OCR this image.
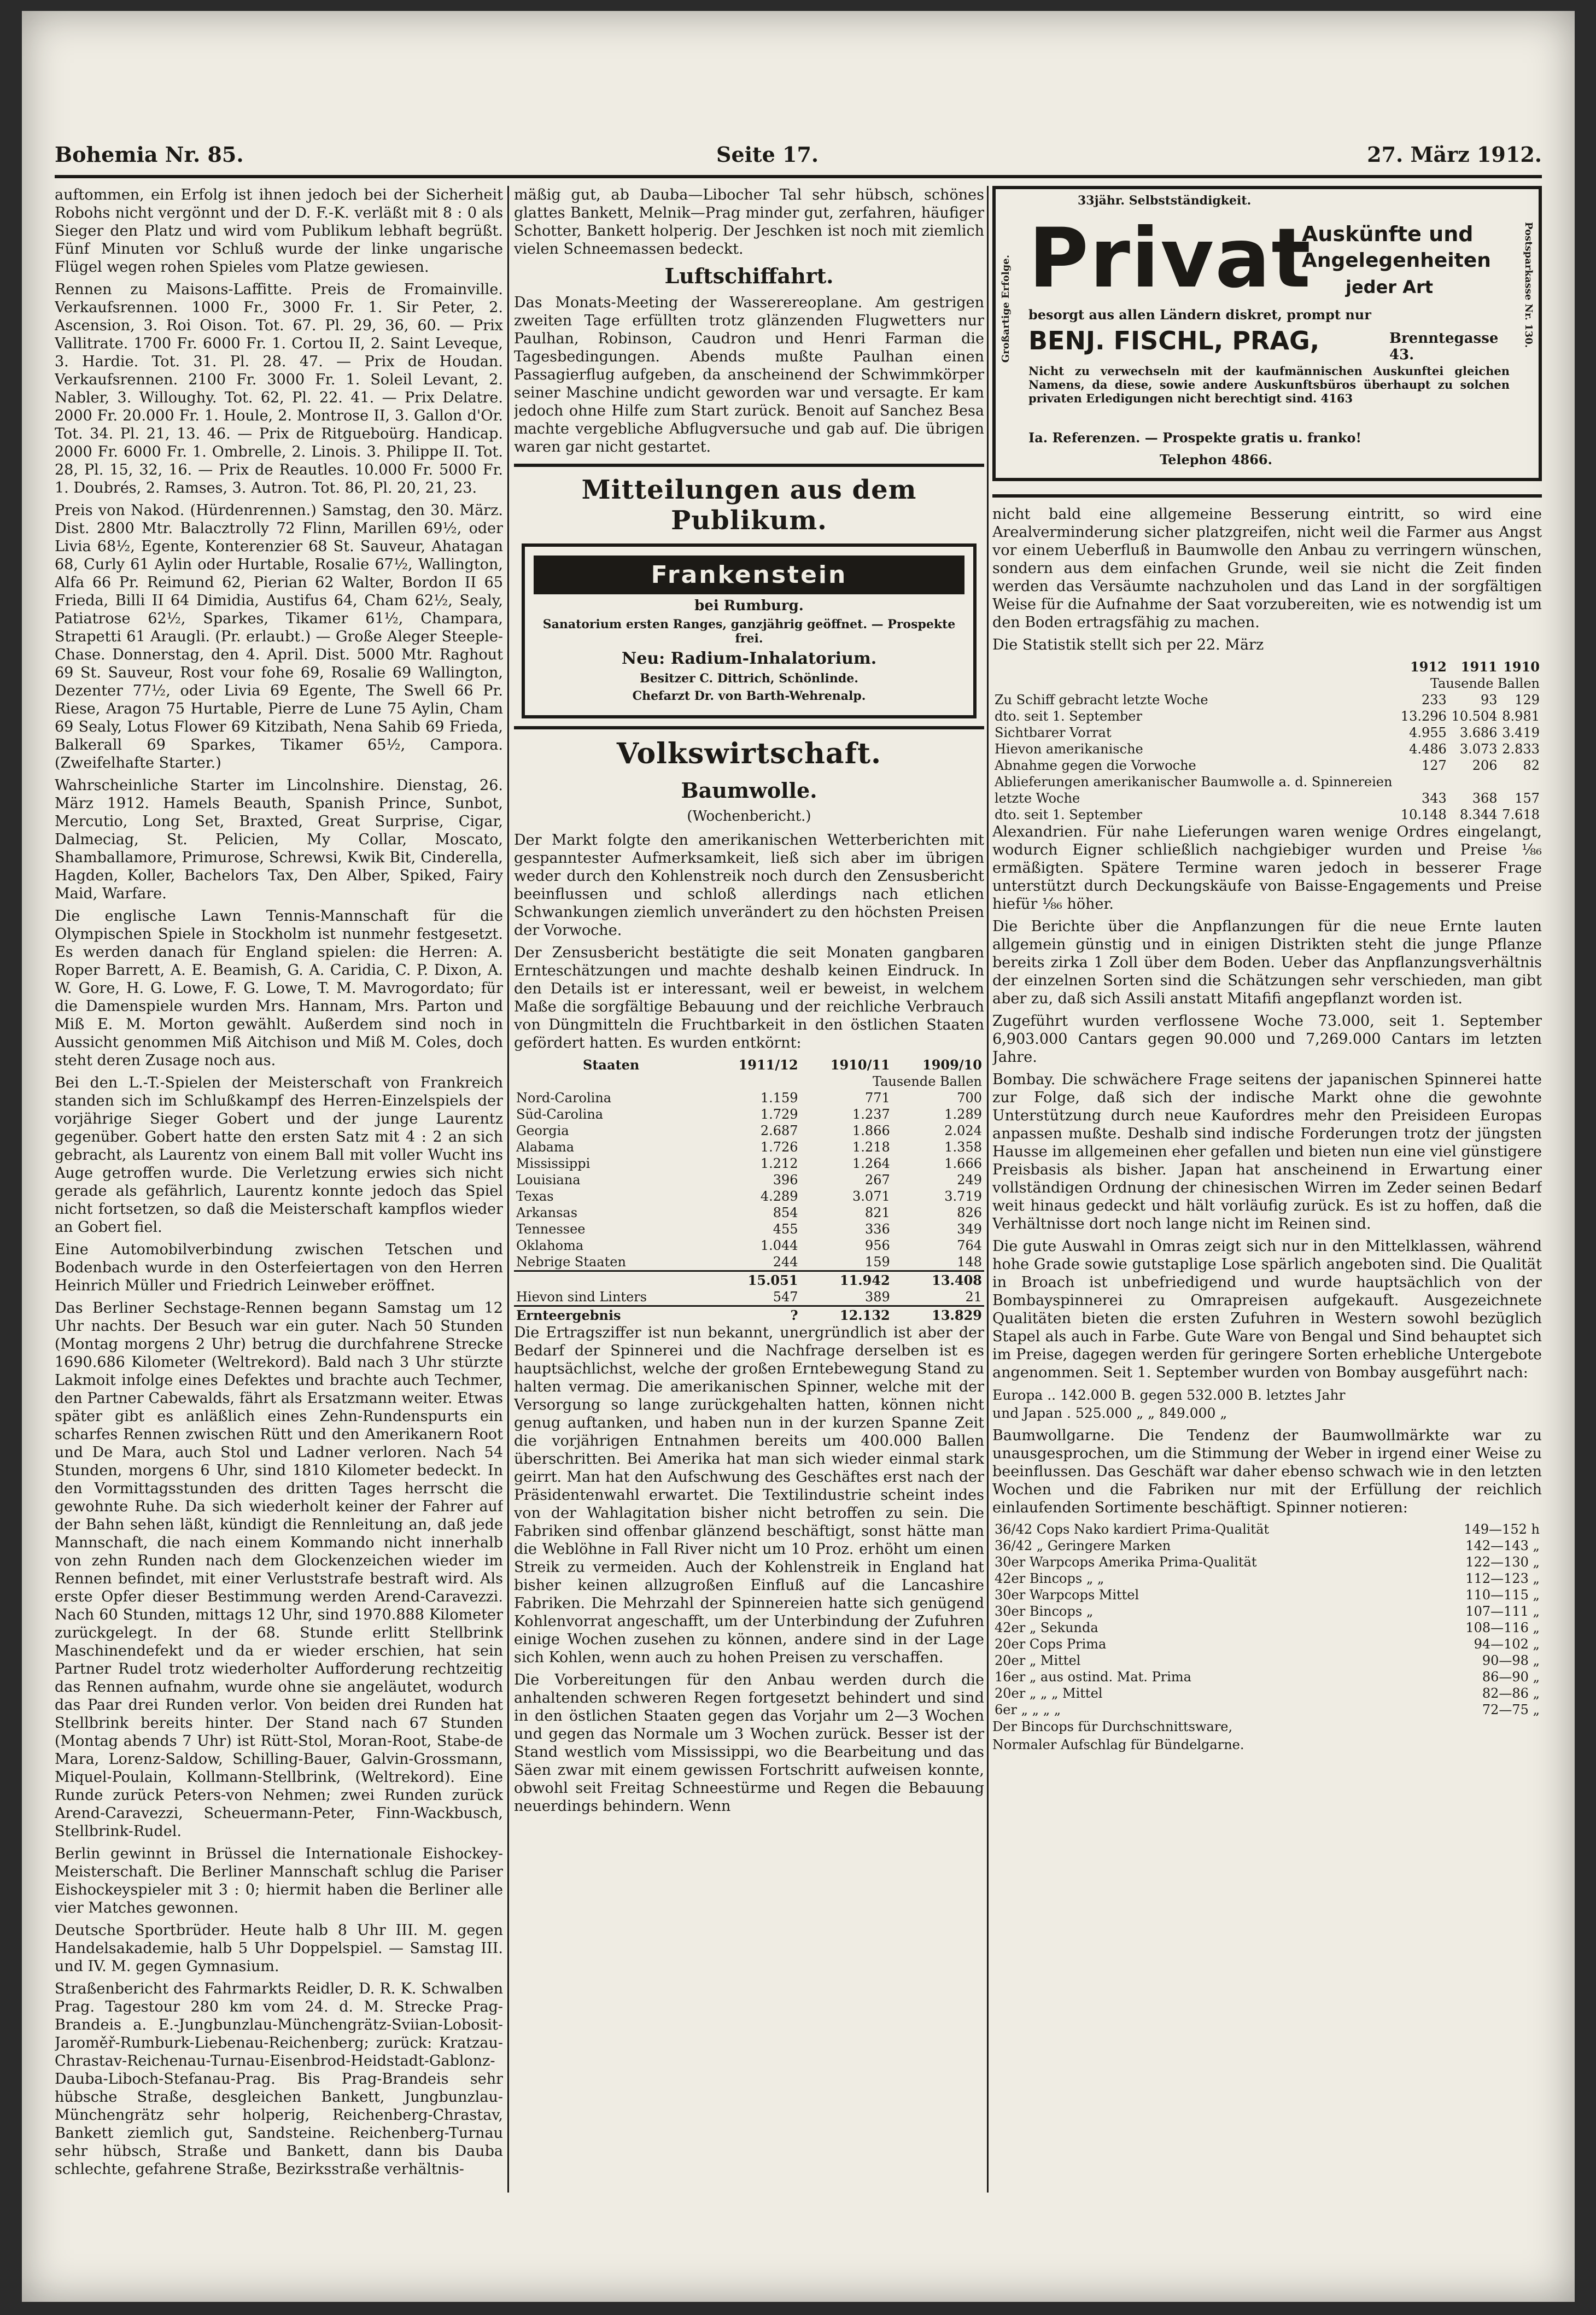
Bohemia Nr. 85.	Seite 17.	27. März 1912.

auftommen, ein Erfolg ist ihnen jedoch bei der Sicherheit Robohs nicht vergönnt und der D. F.-K. verläßt mit 8 : 0 als Sieger den Platz und wird vom Publikum lebhaft begrüßt. Fünf Minuten vor Schluß wurde der linke ungarische Flügel wegen rohen Spieles vom Platze gewiesen.

Rennen zu Maisons-Laffitte. Preis de Fromainville. Verkaufsrennen. 1000 Fr., 3000 Fr. 1. Sir Peter, 2. Ascension, 3. Roi Oison. Tot. 67. Pl. 29, 36, 60. — Prix Vallitrate. 1700 Fr. 6000 Fr. 1. Cortou II, 2. Saint Leveque, 3. Hardie. Tot. 31. Pl. 28. 47. — Prix de Houdan. Verkaufsrennen. 2100 Fr. 3000 Fr. 1. Soleil Levant, 2. Nabler, 3. Willoughy. Tot. 62, Pl. 22. 41. — Prix Delatre. 2000 Fr. 20.000 Fr. 1. Houle, 2. Montrose II, 3. Gallon d'Or. Tot. 34. Pl. 21, 13. 46. — Prix de Ritgueboürg. Handicap. 2000 Fr. 6000 Fr. 1. Ombrelle, 2. Linois. 3. Philippe II. Tot. 28, Pl. 15, 32, 16. — Prix de Reautles. 10.000 Fr. 5000 Fr. 1. Doubrés, 2. Ramses, 3. Autron. Tot. 86, Pl. 20, 21, 23.

Preis von Nakod. (Hürdenrennen.) Samstag, den 30. März. Dist. 2800 Mtr. Balacztrolly 72 Flinn, Marillen 69½, oder Livia 68½, Egente, Konterenzier 68 St. Sauveur, Ahatagan 68, Curly 61 Aylin oder Hurtable, Rosalie 67½, Wallington, Alfa 66 Pr. Reimund 62, Pierian 62 Walter, Bordon II 65 Frieda, Billi II 64 Dimidia, Austifus 64, Cham 62½, Sealy, Patiatrose 62½, Sparkes, Tikamer 61½, Champara, Strapetti 61 Araugli. (Pr. erlaubt.) — Große Aleger Steeple-Chase. Donnerstag, den 4. April. Dist. 5000 Mtr. Raghout 69 St. Sauveur, Rost vour fohe 69, Rosalie 69 Wallington, Dezenter 77½, oder Livia 69 Egente, The Swell 66 Pr. Riese, Aragon 75 Hurtable, Pierre de Lune 75 Aylin, Cham 69 Sealy, Lotus Flower 69 Kitzibath, Nena Sahib 69 Frieda, Balkerall 69 Sparkes, Tikamer 65½, Campora. (Zweifelhafte Starter.)

Wahrscheinliche Starter im Lincolnshire. Dienstag, 26. März 1912. Hamels Beauth, Spanish Prince, Sunbot, Mercutio, Long Set, Braxted, Great Surprise, Cigar, Dalmeciag, St. Pelicien, My Collar, Moscato, Shamballamore, Primurose, Schrewsi, Kwik Bit, Cinderella, Hagden, Koller, Bachelors Tax, Den Alber, Spiked, Fairy Maid, Warfare.

Die englische Lawn Tennis-Mannschaft für die Olympischen Spiele in Stockholm ist nunmehr festgesetzt. Es werden danach für England spielen: die Herren: A. Roper Barrett, A. E. Beamish, G. A. Caridia, C. P. Dixon, A. W. Gore, H. G. Lowe, F. G. Lowe, T. M. Mavrogordato; für die Damenspiele wurden Mrs. Hannam, Mrs. Parton und Miß E. M. Morton gewählt. Außerdem sind noch in Aussicht genommen Miß Aitchison und Miß M. Coles, doch steht deren Zusage noch aus.

Bei den L.-T.-Spielen der Meisterschaft von Frankreich standen sich im Schlußkampf des Herren-Einzelspiels der vorjährige Sieger Gobert und der junge Laurentz gegenüber. Gobert hatte den ersten Satz mit 4 : 2 an sich gebracht, als Laurentz von einem Ball mit voller Wucht ins Auge getroffen wurde. Die Verletzung erwies sich nicht gerade als gefährlich, Laurentz konnte jedoch das Spiel nicht fortsetzen, so daß die Meisterschaft kampflos wieder an Gobert fiel.

Eine Automobilverbindung zwischen Tetschen und Bodenbach wurde in den Osterfeiertagen von den Herren Heinrich Müller und Friedrich Leinweber eröffnet.

Das Berliner Sechstage-Rennen begann Samstag um 12 Uhr nachts. Der Besuch war ein guter. Nach 50 Stunden (Montag morgens 2 Uhr) betrug die durchfahrene Strecke 1690.686 Kilometer (Weltrekord). Bald nach 3 Uhr stürzte Lakmoit infolge eines Defektes und brachte auch Techmer, den Partner Cabewalds, fährt als Ersatzmann weiter. Etwas später gibt es anläßlich eines Zehn-Rundenspurts ein scharfes Rennen zwischen Rütt und den Amerikanern Root und De Mara, auch Stol und Ladner verloren. Nach 54 Stunden, morgens 6 Uhr, sind 1810 Kilometer bedeckt. In den Vormittagsstunden des dritten Tages herrscht die gewohnte Ruhe. Da sich wiederholt keiner der Fahrer auf der Bahn sehen läßt, kündigt die Rennleitung an, daß jede Mannschaft, die nach einem Kommando nicht innerhalb von zehn Runden nach dem Glockenzeichen wieder im Rennen befindet, mit einer Verluststrafe bestraft wird. Als erste Opfer dieser Bestimmung werden Arend-Caravezzi. Nach 60 Stunden, mittags 12 Uhr, sind 1970.888 Kilometer zurückgelegt. In der 68. Stunde erlitt Stellbrink Maschinendefekt und da er wieder erschien, hat sein Partner Rudel trotz wiederholter Aufforderung rechtzeitig das Rennen aufnahm, wurde ohne sie angeläutet, wodurch das Paar drei Runden verlor. Von beiden drei Runden hat Stellbrink bereits hinter. Der Stand nach 67 Stunden (Montag abends 7 Uhr) ist Rütt-Stol, Moran-Root, Stabe-de Mara, Lorenz-Saldow, Schilling-Bauer, Galvin-Grossmann, Miquel-Poulain, Kollmann-Stellbrink, (Weltrekord). Eine Runde zurück Peters-von Nehmen; zwei Runden zurück Arend-Caravezzi, Scheuermann-Peter, Finn-Wackbusch, Stellbrink-Rudel.

Berlin gewinnt in Brüssel die Internationale Eishockey-Meisterschaft. Die Berliner Mannschaft schlug die Pariser Eishockeyspieler mit 3 : 0; hiermit haben die Berliner alle vier Matches gewonnen.

Deutsche Sportbrüder. Heute halb 8 Uhr III. M. gegen Handelsakademie, halb 5 Uhr Doppelspiel. — Samstag III. und IV. M. gegen Gymnasium.

Straßenbericht des Fahrmarkts Reidler, D. R. K. Schwalben Prag. Tagestour 280 km vom 24. d. M. Strecke Prag-Brandeis a. E.-Jungbunzlau-Münchengrätz-Sviian-Lobosit-Jaroměř-Rumburk-Liebenau-Reichenberg; zurück: Kratzau-Chrastav-Reichenau-Turnau-Eisenbrod-Heidstadt-Gablonz-Dauba-Liboch-Stefanau-Prag. Bis Prag-Brandeis sehr hübsche Straße, desgleichen Bankett, Jungbunzlau-Münchengrätz sehr holperig, Reichenberg-Chrastav, Bankett ziemlich gut, Sandsteine. Reichenberg-Turnau sehr hübsch, Straße und Bankett, dann bis Dauba schlechte, gefahrene Straße, Bezirksstraße verhältnis-

mäßig gut, ab Dauba—Libocher Tal sehr hübsch, schönes glattes Bankett, Melnik—Prag minder gut, zerfahren, häufiger Schotter, Bankett holperig. Der Jeschken ist noch mit ziemlich vielen Schneemassen bedeckt.

Luftschiffahrt.

Das Monats-Meeting der Wasserereoplane. Am gestrigen zweiten Tage erfüllten trotz glänzenden Flugwetters nur Paulhan, Robinson, Caudron und Henri Farman die Tagesbedingungen. Abends mußte Paulhan einen Passagierflug aufgeben, da anscheinend der Schwimmkörper seiner Maschine undicht geworden war und versagte. Er kam jedoch ohne Hilfe zum Start zurück. Benoit auf Sanchez Besa machte vergebliche Abflugversuche und gab auf. Die übrigen waren gar nicht gestartet.

Mitteilungen aus dem Publikum.
Frankenstein
bei Rumburg.
Sanatorium ersten Ranges, ganzjährig geöffnet. — Prospekte frei.
Neu: Radium-Inhalatorium.
Besitzer C. Dittrich, Schönlinde.
Chefarzt Dr. von Barth-Wehrenalp.
Volkswirtschaft.
Baumwolle.
(Wochenbericht.)

Der Markt folgte den amerikanischen Wetterberichten mit gespanntester Aufmerksamkeit, ließ sich aber im übrigen weder durch den Kohlenstreik noch durch den Zensusbericht beeinflussen und schloß allerdings nach etlichen Schwankungen ziemlich unverändert zu den höchsten Preisen der Vorwoche.

Der Zensusbericht bestätigte die seit Monaten gangbaren Ernteschätzungen und machte deshalb keinen Eindruck. In den Details ist er interessant, weil er beweist, in welchem Maße die sorgfältige Bebauung und der reichliche Verbrauch von Düngmitteln die Fruchtbarkeit in den östlichen Staaten gefördert hatten. Es wurden entkörnt:

Staaten	1911/12	1910/11	1909/10
	Tausende Ballen		
Nord-Carolina	1.159	771	700
Süd-Carolina	1.729	1.237	1.289
Georgia	2.687	1.866	2.024
Alabama	1.726	1.218	1.358
Mississippi	1.212	1.264	1.666
Louisiana	396	267	249
Texas	4.289	3.071	3.719
Arkansas	854	821	826
Tennessee	455	336	349
Oklahoma	1.044	956	764
Nebrige Staaten	244	159	148
	15.051	11.942	13.408
Hievon sind Linters	547	389	21
Ernteergebnis	?	12.132	13.829

Die Ertragsziffer ist nun bekannt, unergründlich ist aber der Bedarf der Spinnerei und die Nachfrage derselben ist es hauptsächlichst, welche der großen Erntebewegung Stand zu halten vermag. Die amerikanischen Spinner, welche mit der Versorgung so lange zurückgehalten hatten, können nicht genug auftanken, und haben nun in der kurzen Spanne Zeit die vorjährigen Entnahmen bereits um 400.000 Ballen überschritten. Bei Amerika hat man sich wieder einmal stark geirrt. Man hat den Aufschwung des Geschäftes erst nach der Präsidentenwahl erwartet. Die Textilindustrie scheint indes von der Wahlagitation bisher nicht betroffen zu sein. Die Fabriken sind offenbar glänzend beschäftigt, sonst hätte man die Weblöhne in Fall River nicht um 10 Proz. erhöht um einen Streik zu vermeiden. Auch der Kohlenstreik in England hat bisher keinen allzugroßen Einfluß auf die Lancashire Fabriken. Die Mehrzahl der Spinnereien hatte sich genügend Kohlenvorrat angeschafft, um der Unterbindung der Zufuhren einige Wochen zusehen zu können, andere sind in der Lage sich Kohlen, wenn auch zu hohen Preisen zu verschaffen.

Die Vorbereitungen für den Anbau werden durch die anhaltenden schweren Regen fortgesetzt behindert und sind in den östlichen Staaten gegen das Vorjahr um 2—3 Wochen und gegen das Normale um 3 Wochen zurück. Besser ist der Stand westlich vom Mississippi, wo die Bearbeitung und das Säen zwar mit einem gewissen Fortschritt aufweisen konnte, obwohl seit Freitag Schneestürme und Regen die Bebauung neuerdings behindern. Wenn

33jähr. Selbstständigkeit.
Privat
Auskünfte und
Angelegenheiten
jeder Art
besorgt aus allen Ländern diskret, prompt nur
BENJ. FISCHL, PRAG,	Brenntegasse 43.
Nicht zu verwechseln mit der kaufmännischen Auskunftei gleichen Namens, da diese, sowie andere Auskunftsbüros überhaupt zu solchen privaten Erledigungen nicht berechtigt sind. 4163
Ia. Referenzen. — Prospekte gratis u. franko!
Telephon 4866.
Großartige Erfolge.	Postsparkasse Nr. 130.

nicht bald eine allgemeine Besserung eintritt, so wird eine Arealverminderung sicher platzgreifen, nicht weil die Farmer aus Angst vor einem Ueberfluß in Baumwolle den Anbau zu verringern wünschen, sondern aus dem einfachen Grunde, weil sie nicht die Zeit finden werden das Versäumte nachzuholen und das Land in der sorgfältigen Weise für die Aufnahme der Saat vorzubereiten, wie es notwendig ist um den Boden ertragsfähig zu machen.

Die Statistik stellt sich per 22. März
	1912	1911	1910
	Tausende Ballen		
Zu Schiff gebracht letzte Woche	233	93	129
dto. seit 1. September	13.296	10.504	8.981
Sichtbarer Vorrat	4.955	3.686	3.419
Hievon amerikanische	4.486	3.073	2.833
Abnahme gegen die Vorwoche	127	206	82
Ablieferungen amerikanischer Baumwolle a. d. Spinnereien			
letzte Woche	343	368	157
dto. seit 1. September	10.148	8.344	7.618

Alexandrien. Für nahe Lieferungen waren wenige Ordres eingelangt, wodurch Eigner schließlich nachgiebiger wurden und Preise ⅛₆ ermäßigten. Spätere Termine waren jedoch in besserer Frage unterstützt durch Deckungskäufe von Baisse-Engagements und Preise hiefür ⅛₆ höher.

Die Berichte über die Anpflanzungen für die neue Ernte lauten allgemein günstig und in einigen Distrikten steht die junge Pflanze bereits zirka 1 Zoll über dem Boden. Ueber das Anpflanzungsverhältnis der einzelnen Sorten sind die Schätzungen sehr verschieden, man gibt aber zu, daß sich Assili anstatt Mitafifi angepflanzt worden ist.

Zugeführt wurden verflossene Woche 73.000, seit 1. September 6,903.000 Cantars gegen 90.000 und 7,269.000 Cantars im letzten Jahre.

Bombay. Die schwächere Frage seitens der japanischen Spinnerei hatte zur Folge, daß sich der indische Markt ohne die gewohnte Unterstützung durch neue Kaufordres mehr den Preisideen Europas anpassen mußte. Deshalb sind indische Forderungen trotz der jüngsten Hausse im allgemeinen eher gefallen und bieten nun eine viel günstigere Preisbasis als bisher. Japan hat anscheinend in Erwartung einer vollständigen Ordnung der chinesischen Wirren im Zeder seinen Bedarf weit hinaus gedeckt und hält vorläufig zurück. Es ist zu hoffen, daß die Verhältnisse dort noch lange nicht im Reinen sind.

Die gute Auswahl in Omras zeigt sich nur in den Mittelklassen, während hohe Grade sowie gutstaplige Lose spärlich angeboten sind. Die Qualität in Broach ist unbefriedigend und wurde hauptsächlich von der Bombayspinnerei zu Omrapreisen aufgekauft. Ausgezeichnete Qualitäten bieten die ersten Zufuhren in Western sowohl bezüglich Stapel als auch in Farbe. Gute Ware von Bengal und Sind behauptet sich im Preise, dagegen werden für geringere Sorten erhebliche Untergebote angenommen. Seit 1. September wurden von Bombay ausgeführt nach:

Europa .. 142.000 B. gegen 532.000 B. letztes Jahr
und Japan . 525.000 „ „ 849.000 „

Baumwollgarne. Die Tendenz der Baumwollmärkte war zu unausgesprochen, um die Stimmung der Weber in irgend einer Weise zu beeinflussen. Das Geschäft war daher ebenso schwach wie in den letzten Wochen und die Fabriken nur mit der Erfüllung der reichlich einlaufenden Sortimente beschäftigt. Spinner notieren:

36/42 Cops Nako kardiert Prima-Qualität	149—152 h
36/42 „ Geringere Marken	142—143 „
30er Warpcops Amerika Prima-Qualität	122—130 „
42er Bincops „ „	112—123 „
30er Warpcops Mittel	110—115 „
30er Bincops „	107—111 „
42er „ Sekunda	108—116 „
20er Cops Prima	94—102 „
20er „ Mittel	90—98 „
16er „ aus ostind. Mat. Prima	86—90 „
20er „ „ „ Mittel	82—86 „
6er „ „ „ „	72—75 „
Der Bincops für Durchschnittsware,
Normaler Aufschlag für Bündelgarne.
